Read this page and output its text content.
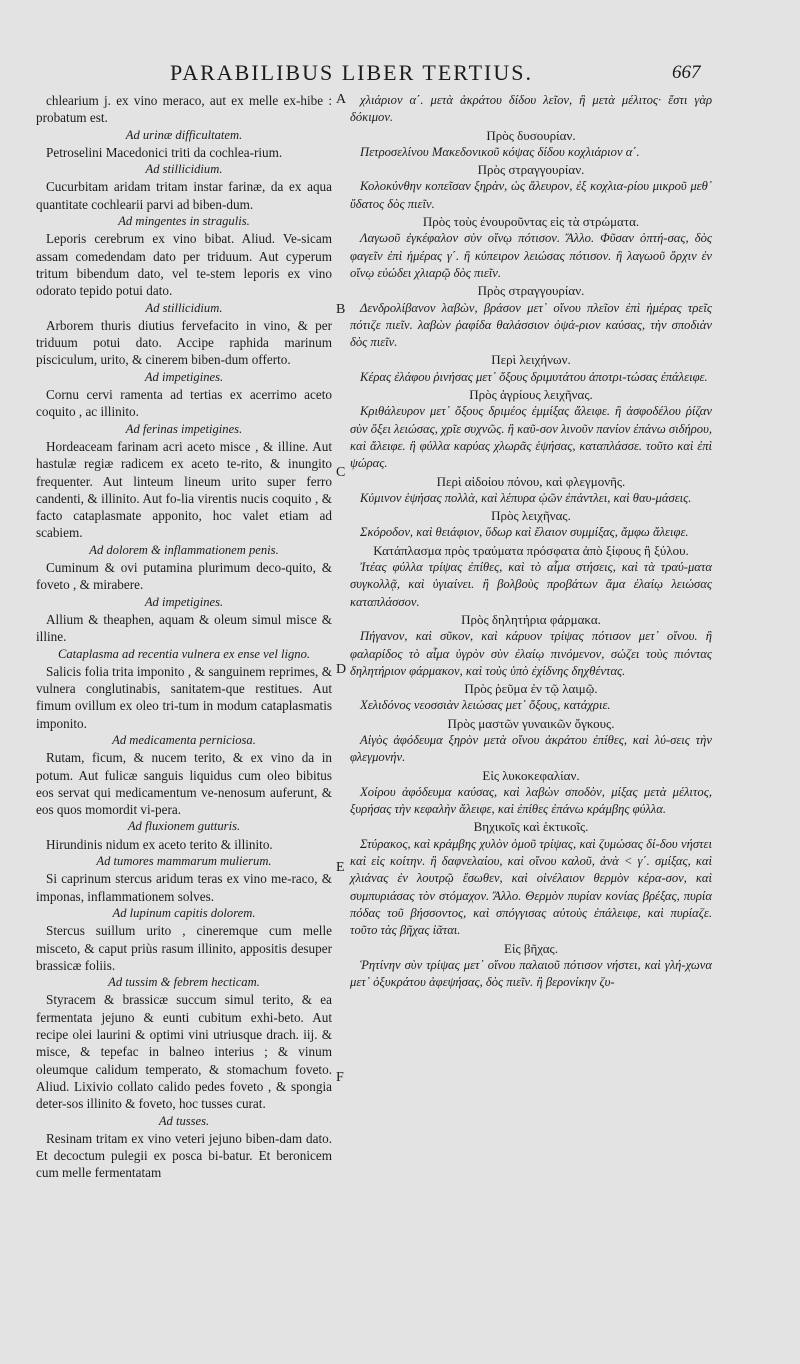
PARABILIBUS LIBER TERTIUS.	667

chlearium j. ex vino meraco, aut ex melle ex-hibe : probatum est.

Ad urinæ difficultatem.

Petroselini Macedonici triti da cochlea-rium.

Ad stillicidium.

Cucurbitam aridam tritam instar farinæ, da ex aqua quantitate cochlearii parvi ad biben-dum.

Ad mingentes in stragulis.

Leporis cerebrum ex vino bibat. Aliud. Ve-sicam assam comedendam dato per triduum. Aut cyperum tritum bibendum dato, vel te-stem leporis ex vino odorato tepido potui dato.

Ad stillicidium.

Arborem thuris diutius fervefacito in vino, & per triduum potui dato. Accipe raphida marinum pisciculum, urito, & cinerem biben-dum offerto.

Ad impetigines.

Cornu cervi ramenta ad tertias ex acerrimo aceto coquito , ac illinito.

Ad ferinas impetigines.

Hordeaceam farinam acri aceto misce , & illine. Aut hastulæ regiæ radicem ex aceto te-rito, & inungito frequenter. Aut linteum lineum urito super ferro candenti, & illinito. Aut fo-lia virentis nucis coquito , & facto cataplasmate apponito, hoc valet etiam ad scabiem.

Ad dolorem & inflammationem penis.

Cuminum & ovi putamina plurimum deco-quito, & foveto , & mirabere.

Ad impetigines.

Allium & theaphen, aquam & oleum simul misce & illine.

Cataplasma ad recentia vulnera ex ense vel ligno.

Salicis folia trita imponito , & sanguinem reprimes, & vulnera conglutinabis, sanitatem-que restitues. Aut fimum ovillum ex oleo tri-tum in modum cataplasmatis imponito.

Ad medicamenta perniciosa.

Rutam, ficum, & nucem terito, & ex vino da in potum. Aut fulicæ sanguis liquidus cum oleo bibitus eos servat qui medicamentum ve-nenosum auferunt, & eos quos momordit vi-pera.

Ad fluxionem gutturis.

Hirundinis nidum ex aceto terito & illinito.

Ad tumores mammarum mulierum.

Si caprinum stercus aridum teras ex vino me-raco, & imponas, inflammationem solves.

Ad lupinum capitis dolorem.

Stercus suillum urito , cineremque cum melle misceto, & caput priùs rasum illinito, appositis desuper brassicæ foliis.

Ad tussim & febrem hecticam.

Styracem & brassicæ succum simul terito, & ea fermentata jejuno & eunti cubitum exhi-beto. Aut recipe olei laurini & optimi vini utriusque drach. iij. & misce, & tepefac in balneo interius ; & vinum oleumque calidum temperato, & stomachum foveto. Aliud. Lixivio collato calido pedes foveto , & spongia deter-sos illinito & foveto, hoc tusses curat.

Ad tusses.

Resinam tritam ex vino veteri jejuno biben-dam dato. Et decoctum pulegii ex posca bi-batur. Et beronicem cum melle fermentatam

A
B
C
D
E
F

χλιάριον α΄. μετὰ ἀκράτου δίδου λεῖον, ἢ μετὰ μέλιτος· ἔστι γὰρ δόκιμον.

Πρὸς δυσουρίαν.

Πετροσελίνου Μακεδονικοῦ κόψας δίδου κοχλιάριον α΄.

Πρὸς στραγγουρίαν.

Κολοκύνθην κοπεῖσαν ξηρὰν, ὡς ἄλευρον, ἐξ κοχλια-ρίου μικροῦ μεθ᾽ ὕδατος δὸς πιεῖν.

Πρὸς τοὺς ἐνουροῦντας εἰς τὰ στρώματα.

Λαγωοῦ ἐγκέφαλον σὺν οἴνῳ πότισον. Ἄλλο. Φῦσαν ὀπτή-σας, δὸς φαγεῖν ἐπὶ ἡμέρας γ΄. ἢ κύπειρον λειώσας πότισον. ἢ λαγωοῦ ὄρχιν ἐν οἴνῳ εὐώδει χλιαρῷ δὸς πιεῖν.

Πρὸς στραγγουρίαν.

Δενδρολίβανον λαβὼν, βράσον μετ᾽ οἴνου πλεῖον ἐπὶ ἡμέρας τρεῖς πότιζε πιεῖν. λαβὼν ῥαφίδα θαλάσσιον ὀψά-ριον καύσας, τὴν σποδιὰν δὸς πιεῖν.

Περὶ λειχήνων.

Κέρας ἐλάφου ῥινήσας μετ᾽ ὄξους δριμυτάτου ἀποτρι-τώσας ἐπάλειφε.

Πρὸς ἀγρίους λειχῆνας.

Κριθάλευρον μετ᾽ ὄξους δριμέος ἐμμίξας ἄλειφε. ἢ ἀσφοδέλου ῥίζαν σὺν ὄξει λειώσας, χρῖε συχνῶς. ἢ καῦ-σον λινοῦν πανίον ἐπάνω σιδήρου, καὶ ἄλειφε. ἢ φύλλα καρύας χλωρᾶς ἑψήσας, καταπλάσσε. τοῦτο καὶ ἐπὶ ψώρας.

Περὶ αἰδοίου πόνου, καὶ φλεγμονῆς.

Κύμινον ἑψήσας πολλὰ, καὶ λέπυρα ᾠῶν ἐπάντλει, καὶ θαυ-μάσεις.

Πρὸς λειχῆνας.

Σκόροδον, καὶ θειάφιον, ὕδωρ καὶ ἔλαιον συμμίξας, ἄμφω ἄλειφε.

Κατάπλασμα πρὸς τραύματα πρόσφατα ἀπὸ ξίφους ἢ ξύλου.

Ἰτέας φύλλα τρίψας ἐπίθες, καὶ τὸ αἷμα στήσεις, καὶ τὰ τραύ-ματα συγκολλᾷ, καὶ ὑγιαίνει. ἢ βολβοὺς προβάτων ἅμα ἐλαίῳ λειώσας καταπλάσσον.

Πρὸς δηλητήρια φάρμακα.

Πήγανον, καὶ σῦκον, καὶ κάρυον τρίψας πότισον μετ᾽ οἴνου. ἢ φαλαρίδος τὸ αἷμα ὑγρὸν σὺν ἐλαίῳ πινόμενον, σώζει τοὺς πιόντας δηλητήριον φάρμακον, καὶ τοὺς ὑπὸ ἐχίδνης δηχθέντας.

Πρὸς ῥεῦμα ἐν τῷ λαιμῷ.

Χελιδόνος νεοσσιὰν λειώσας μετ᾽ ὄξους, κατάχριε.

Πρὸς μαστῶν γυναικῶν ὄγκους.

Αἰγὸς ἀφόδευμα ξηρὸν μετὰ οἴνου ἀκράτου ἐπίθες, καὶ λύ-σεις τὴν φλεγμονήν.

Εἰς λυκοκεφαλίαν.

Χοίρου ἀφόδευμα καύσας, καὶ λαβὼν σποδὸν, μίξας μετὰ μέλιτος, ξυρήσας τὴν κεφαλὴν ἄλειφε, καὶ ἐπίθες ἐπάνω κράμβης φύλλα.

Βηχικοῖς καὶ ἑκτικοῖς.

Στύρακος, καὶ κράμβης χυλὸν ὁμοῦ τρίψας, καὶ ζυμώσας δί-δου νήστει καὶ εἰς κοίτην. ἢ δαφνελαίου, καὶ οἴνου καλοῦ, ἀνὰ < γ΄. σμίξας, καὶ χλιάνας ἐν λουτρῷ ἔσωθεν, καὶ οἰνέλαιον θερμὸν κέρα-σον, καὶ συμπυριάσας τὸν στόμαχον. Ἄλλο. Θερμὸν πυρίαν κονίας βρέξας, πυρία πόδας τοῦ βήσσοντος, καὶ σπόγγισας αὐτοὺς ἐπάλειφε, καὶ πυρίαζε. τοῦτο τὰς βῆχας ἰᾶται.

Εἰς βῆχας.

Ῥητίνην σὺν τρίψας μετ᾽ οἴνου παλαιοῦ πότισον νήστει, καὶ γλή-χωνα μετ᾽ ὀξυκράτου ἀφεψήσας, δὸς πιεῖν. ἢ βερονίκην ζυ-
